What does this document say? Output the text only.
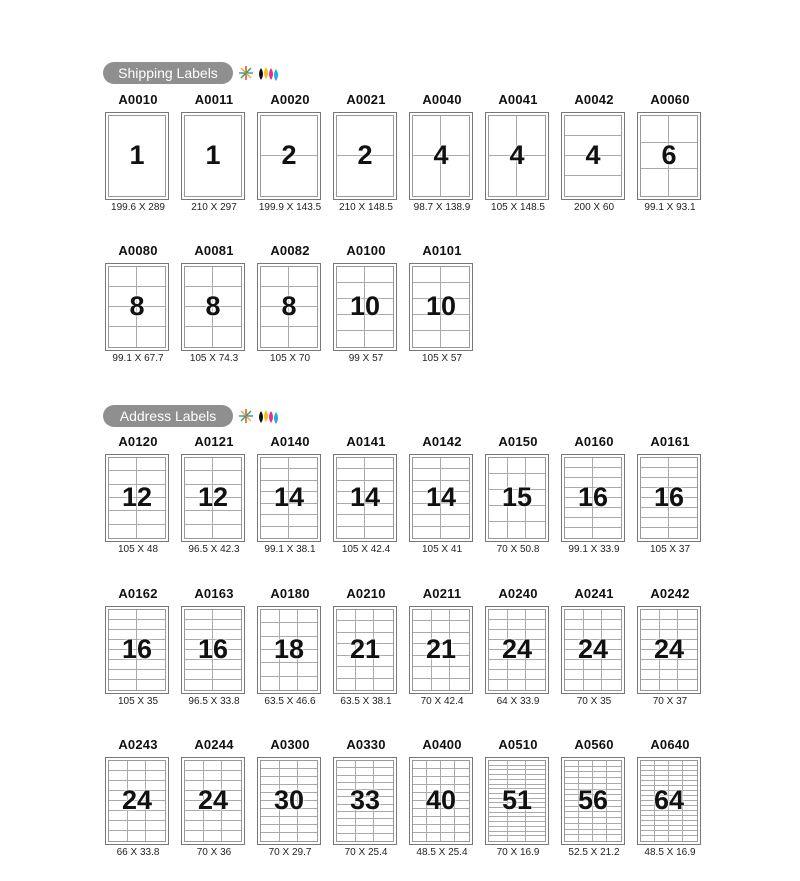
Shipping Labels
A0010
1
199.6 X 289
A0011
1
210 X 297
A0020
2
199.9 X 143.5
A0021
2
210 X 148.5
A0040
4
98.7 X 138.9
A0041
4
105 X 148.5
A0042
4
200 X 60
A0060
6
99.1 X 93.1
A0080
8
99.1 X 67.7
A0081
8
105 X 74.3
A0082
8
105 X 70
A0100
10
99 X 57
A0101
10
105 X 57
Address Labels
A0120
12
105 X 48
A0121
12
96.5 X 42.3
A0140
14
99.1 X 38.1
A0141
14
105 X 42.4
A0142
14
105 X 41
A0150
15
70 X 50.8
A0160
16
99.1 X 33.9
A0161
16
105 X 37
A0162
16
105 X 35
A0163
16
96.5 X 33.8
A0180
18
63.5 X 46.6
A0210
21
63.5 X 38.1
A0211
21
70 X 42.4
A0240
24
64 X 33.9
A0241
24
70 X 35
A0242
24
70 X 37
A0243
24
66 X 33.8
A0244
24
70 X 36
A0300
30
70 X 29.7
A0330
33
70 X 25.4
A0400
40
48.5 X 25.4
A0510
51
70 X 16.9
A0560
56
52.5 X 21.2
A0640
64
48.5 X 16.9
